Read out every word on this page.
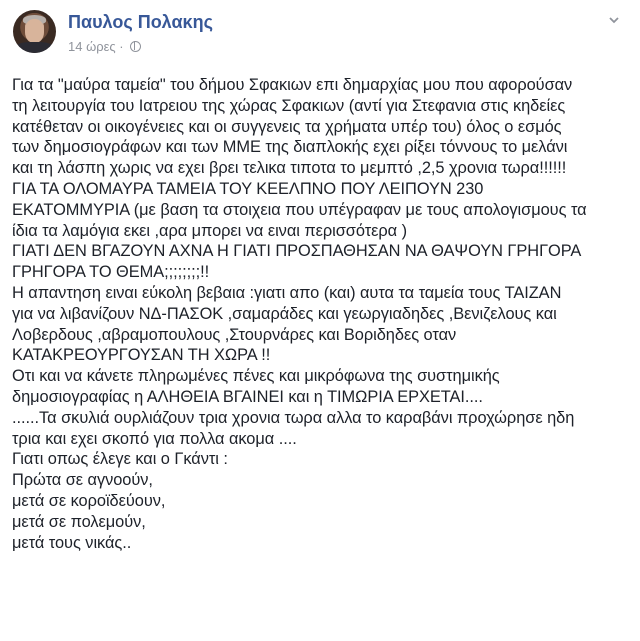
Παυλος Πολακης
14 ώρες ·
Για τα "μαύρα ταμεία" του δήμου Σφακιων επι δημαρχίας μου που αφορούσαν
τη λειτουργία του Ιατρειου της χώρας Σφακιων (αντί για Στεφανια στις κηδείες
κατέθεταν οι οικογένειες και οι συγγενεις τα χρήματα υπέρ του) όλος ο εσμός
των δημοσιογράφων και των ΜΜΕ της διαπλοκής εχει ρίξει τόννους το μελάνι
και τη λάσπη χωρις να εχει βρει τελικα τιποτα το μεμπτό ,2,5 χρονια τωρα!!!!!!
ΓΙΑ ΤΑ ΟΛΟΜΑΥΡΑ ΤΑΜΕΙΑ ΤΟΥ ΚΕΕΛΠΝΟ ΠΟΥ ΛΕΙΠΟΥΝ 230
ΕΚΑΤΟΜΜΥΡΙΑ (με βαση τα στοιχεια που υπέγραφαν με τους απολογισμους τα
ίδια τα λαμόγια εκει ,αρα μπορει να ειναι περισσότερα )
ΓΙΑΤΙ ΔΕΝ ΒΓΑΖΟΥΝ ΑΧΝΑ Η ΓΙΑΤΙ ΠΡΟΣΠΑΘΗΣΑΝ ΝΑ ΘΑΨΟΥΝ ΓΡΗΓΟΡΑ
ΓΡΗΓΟΡΑ ΤΟ ΘΕΜΑ;;;;;;;;!!
Η απαντηση ειναι εύκολη βεβαια :γιατι απο (και) αυτα τα ταμεία τους ΤΑΙΖΑΝ
για να λιβανίζουν ΝΔ-ΠΑΣΟΚ ,σαμαράδες και γεωργιαδηδες ,Βενιζελους και
Λοβερδους ,αβραμοπουλους ,Στουρνάρες και Βοριδηδες οταν
ΚΑΤΑΚΡΕΟΥΡΓΟΥΣΑΝ ΤΗ ΧΩΡΑ !!
Οτι και να κάνετε πληρωμένες πένες και μικρόφωνα της συστημικής
δημοσιογραφίας η ΑΛΗΘΕΙΑ ΒΓΑΙΝΕΙ και η ΤΙΜΩΡΙΑ ΕΡΧΕΤΑΙ....
......Τα σκυλιά ουρλιάζουν τρια χρονια τωρα αλλα το καραβάνι προχώρησε ηδη
τρια και εχει σκοπό για πολλα ακομα ....
Γιατι οπως έλεγε και ο Γκάντι :
Πρώτα σε αγνοούν,
μετά σε κοροϊδεύουν,
μετά σε πολεμούν,
μετά τους νικάς..
